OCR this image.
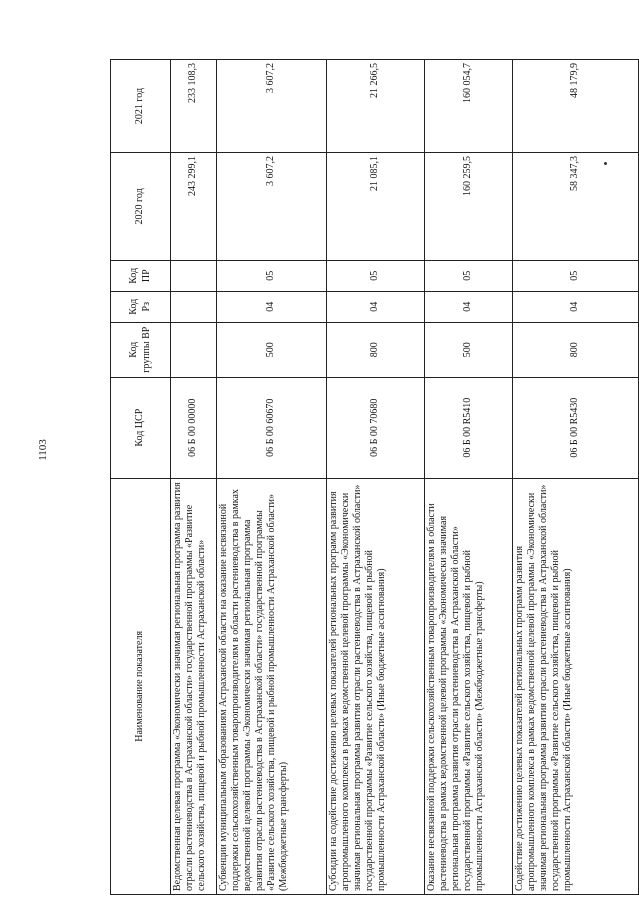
1103
Наименование показателя	Код ЦСР	Код группы ВР	Код Рз	Код ПР	2020 год	2021 год
Ведомственная целевая программа «Экономически значимая региональная программа развития отрасли растениеводства в Астраханской области» государственной программы «Развитие сельского хозяйства, пищевой и рыбной промышленности Астраханской области»	06 Б 00 00000				243 299,1	233 108,3
Субвенции муниципальным образованиям Астраханской области на оказание несвязанной поддержки сельскохозяйственным товаропроизводителям в области растениеводства в рамках ведомственной целевой программы «Экономически значимая региональная программа развития отрасли растениеводства в Астраханской области» государственной программы «Развитие сельского хозяйства, пищевой и рыбной промышленности Астраханской области» (Межбюджетные трансферты)	06 Б 00 60670	500	04	05	3 607,2	3 607,2
Субсидии на содействие достижению целевых показателей региональных программ развития агропромышленного комплекса в рамках ведомственной целевой программы «Экономически значимая региональная программа развития отрасли растениеводства в Астраханской области» государственной программы «Развитие сельского хозяйства, пищевой и рыбной промышленности Астраханской области» (Иные бюджетные ассигнования)	06 Б 00 70680	800	04	05	21 085,1	21 266,5
Оказание несвязанной поддержки сельскохозяйственным товаропроизводителям в области растениеводства в рамках ведомственной целевой программы «Экономически значимая региональная программа развития отрасли растениеводства в Астраханской области» государственной программы «Развитие сельского хозяйства, пищевой и рыбной промышленности Астраханской области» (Межбюджетные трансферты)	06 Б 00 R5410	500	04	05	160 259,5	160 054,7
Содействие достижению целевых показателей региональных программ развития агропромышленного комплекса в рамках ведомственной целевой программы «Экономически значимая региональная программа развития отрасли растениеводства в Астраханской области» государственной программы «Развитие сельского хозяйства, пищевой и рыбной промышленности Астраханской области» (Иные бюджетные ассигнования)	06 Б 00 R5430	800	04	05	58 347,3	48 179,9
